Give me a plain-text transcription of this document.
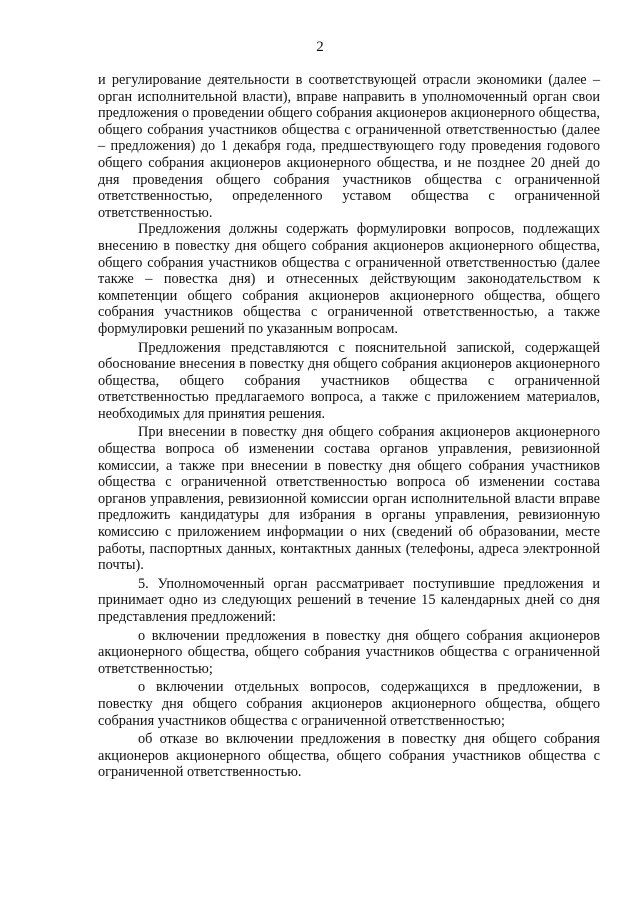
2

и регулирование деятельности в соответствующей отрасли экономики (далее – орган исполнительной власти), вправе направить в уполномоченный орган свои предложения о проведении общего собрания акционеров акционерного общества, общего собрания участников общества с ограниченной ответственностью (далее – предложения) до 1 декабря года, предшествующего году проведения годового общего собрания акционеров акционерного общества, и не позднее 20 дней до дня проведения общего собрания участников общества с ограниченной ответственностью, определенного уставом общества с ограниченной ответственностью.

Предложения должны содержать формулировки вопросов, подлежащих внесению в повестку дня общего собрания акционеров акционерного общества, общего собрания участников общества с ограниченной ответственностью (далее также – повестка дня) и отнесенных действующим законодательством к компетенции общего собрания акционеров акционерного общества, общего собрания участников общества с ограниченной ответственностью, а также формулировки решений по указанным вопросам.

Предложения представляются с пояснительной запиской, содержащей обоснование внесения в повестку дня общего собрания акционеров акционерного общества, общего собрания участников общества с ограниченной ответственностью предлагаемого вопроса, а также с приложением материалов, необходимых для принятия решения.

При внесении в повестку дня общего собрания акционеров акционерного общества вопроса об изменении состава органов управления, ревизионной комиссии, а также при внесении в повестку дня общего собрания участников общества с ограниченной ответственностью вопроса об изменении состава органов управления, ревизионной комиссии орган исполнительной власти вправе предложить кандидатуры для избрания в органы управления, ревизионную комиссию с приложением информации о них (сведений об образовании, месте работы, паспортных данных, контактных данных (телефоны, адреса электронной почты).

5. Уполномоченный орган рассматривает поступившие предложения и принимает одно из следующих решений в течение 15 календарных дней со дня представления предложений:

о включении предложения в повестку дня общего собрания акционеров акционерного общества, общего собрания участников общества с ограниченной ответственностью;

о включении отдельных вопросов, содержащихся в предложении, в повестку дня общего собрания акционеров акционерного общества, общего собрания участников общества с ограниченной ответственностью;

об отказе во включении предложения в повестку дня общего собрания акционеров акционерного общества, общего собрания участников общества с ограниченной ответственностью.
